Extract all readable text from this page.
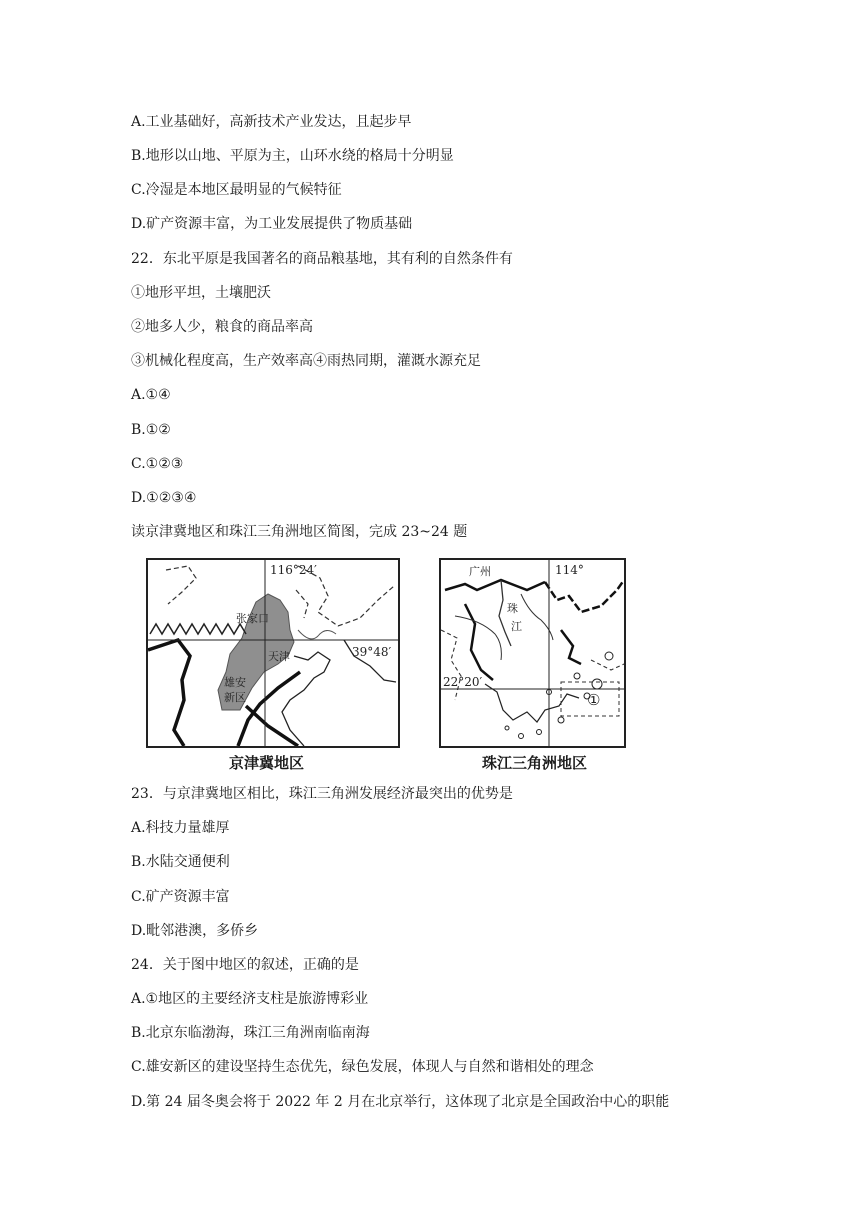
A.工业基础好，高新技术产业发达，且起步早
B.地形以山地、平原为主，山环水绕的格局十分明显
C.冷湿是本地区最明显的气候特征
D.矿产资源丰富，为工业发展提供了物质基础
22．东北平原是我国著名的商品粮基地，其有利的自然条件有
①地形平坦，土壤肥沃
②地多人少，粮食的商品率高
③机械化程度高，生产效率高④雨热同期，灌溉水源充足
A.①④
B.①②
C.①②③
D.①②③④
读京津冀地区和珠江三角洲地区简图，完成 23~24 题
116°24′
39°48′
张家口
天津
雄安
新区
京津冀地区
广州	114°
珠
江
22°20′
①
珠江三角洲地区
23．与京津冀地区相比，珠江三角洲发展经济最突出的优势是
A.科技力量雄厚
B.水陆交通便利
C.矿产资源丰富
D.毗邻港澳，多侨乡
24．关于图中地区的叙述，正确的是
A.①地区的主要经济支柱是旅游博彩业
B.北京东临渤海，珠江三角洲南临南海
C.雄安新区的建设坚持生态优先，绿色发展，体现人与自然和谐相处的理念
D.第 24 届冬奥会将于 2022 年 2 月在北京举行，这体现了北京是全国政治中心的职能
